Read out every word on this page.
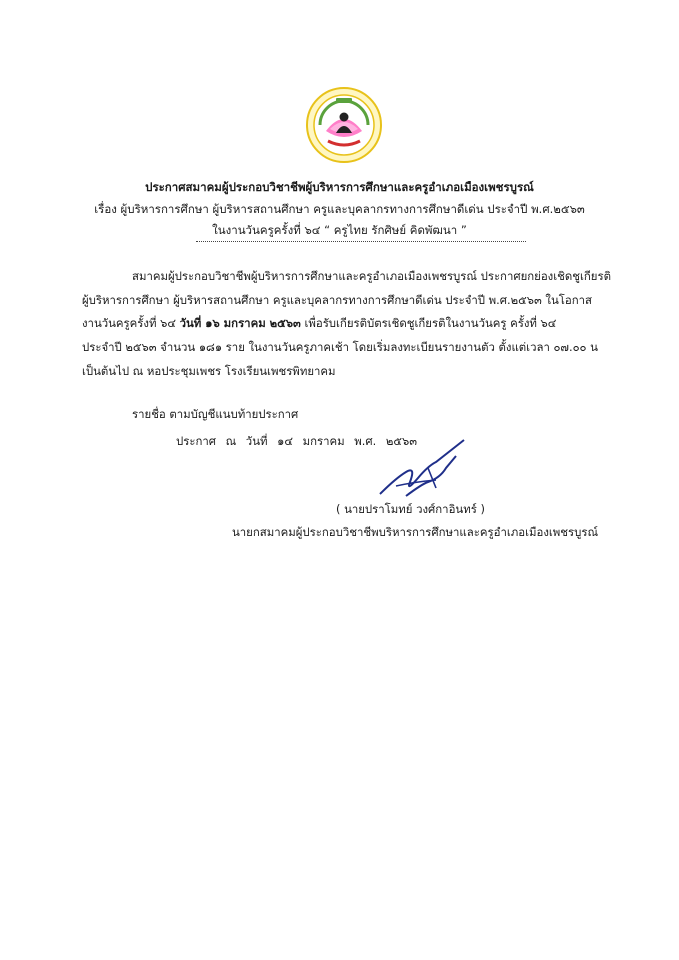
ประกาศสมาคมผู้ประกอบวิชาชีพผู้บริหารการศึกษาและครูอำเภอเมืองเพชรบูรณ์
เรื่อง ผู้บริหารการศึกษา ผู้บริหารสถานศึกษา ครูและบุคลากรทางการศึกษาดีเด่น ประจำปี พ.ศ.๒๕๖๓
ในงานวันครูครั้งที่ ๖๔ “ ครูไทย รักศิษย์ คิดพัฒนา ”
สมาคมผู้ประกอบวิชาชีพผู้บริหารการศึกษาและครูอำเภอเมืองเพชรบูรณ์ ประกาศยกย่องเชิดชูเกียรติ
ผู้บริหารการศึกษา ผู้บริหารสถานศึกษา ครูและบุคลากรทางการศึกษาดีเด่น ประจำปี พ.ศ.๒๕๖๓ ในโอกาส
งานวันครูครั้งที่ ๖๔ วันที่ ๑๖ มกราคม ๒๕๖๓ เพื่อรับเกียรติบัตรเชิดชูเกียรติในงานวันครู ครั้งที่ ๖๔
ประจำปี ๒๕๖๓ จำนวน ๑๘๑ ราย ในงานวันครูภาคเช้า โดยเริ่มลงทะเบียนรายงานตัว ตั้งแต่เวลา ๐๗.๐๐ น
เป็นต้นไป ณ หอประชุมเพชร โรงเรียนเพชรพิทยาคม
รายชื่อ ตามบัญชีแนบท้ายประกาศ
ประกาศ ณ วันที่ ๑๔ มกราคม พ.ศ. ๒๕๖๓
( นายปราโมทย์ วงศ์กาอินทร์ )
นายกสมาคมผู้ประกอบวิชาชีพบริหารการศึกษาและครูอำเภอเมืองเพชรบูรณ์
